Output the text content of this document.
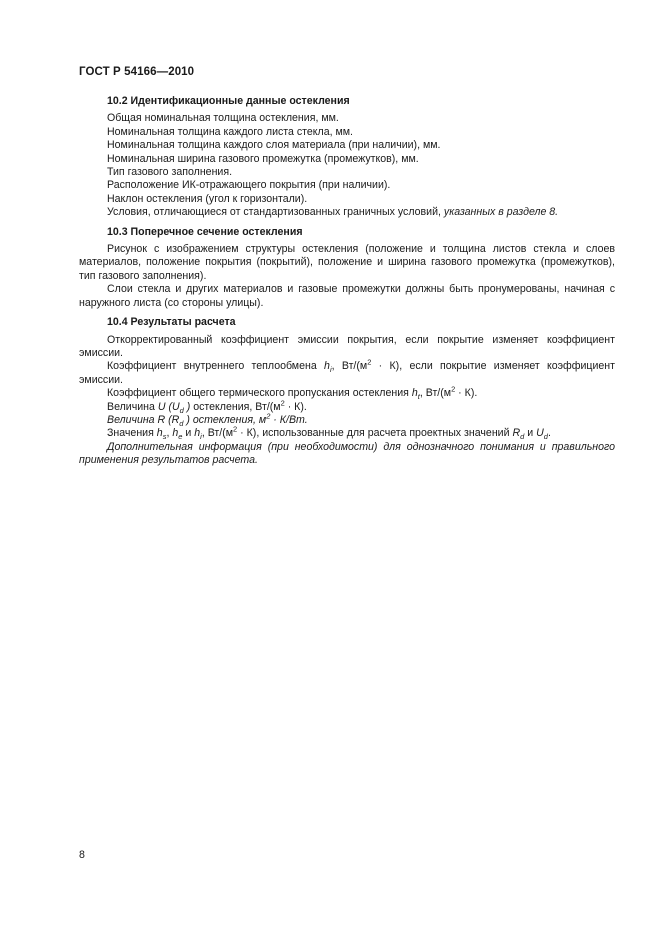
ГОСТ Р 54166—2010
10.2 Идентификационные данные остекления

Общая номинальная толщина остекления, мм.

Номинальная толщина каждого листа стекла, мм.

Номинальная толщина каждого слоя материала (при наличии), мм.

Номинальная ширина газового промежутка (промежутков), мм.

Тип газового заполнения.

Расположение ИК-отражающего покрытия (при наличии).

Наклон остекления (угол к горизонтали).

Условия, отличающиеся от стандартизованных граничных условий, указанных в разделе 8.

10.3 Поперечное сечение остекления

Рисунок с изображением структуры остекления (положение и толщина листов стекла и слоев материалов, положение покрытия (покрытий), положение и ширина газового промежутка (промежутков), тип газового заполнения).

Слои стекла и других материалов и газовые промежутки должны быть пронумерованы, начиная с наружного листа (со стороны улицы).

10.4 Результаты расчета

Откорректированный коэффициент эмиссии покрытия, если покрытие изменяет коэффициент эмиссии.

Коэффициент внутреннего теплообмена $h_i$, $Вт/(м^2 \cdot К)$, если покрытие изменяет коэффициент эмиссии.

Коэффициент общего термического пропускания остекления $h_t$, $Вт/(м^2 \cdot К)$.

Величина U ($U_d$ ) остекления, $Вт/(м^2 \cdot К)$.

Величина R ($R_d$ ) остекления, $м^2 \cdot К/Вт$.

Значения $h_s$, $h_e$ и $h_i$, $Вт/(м^2 \cdot К)$, использованные для расчета проектных значений $R_d$ и $U_d$.

Дополнительная информация (при необходимости) для однозначного понимания и правильного применения результатов расчета.

8
